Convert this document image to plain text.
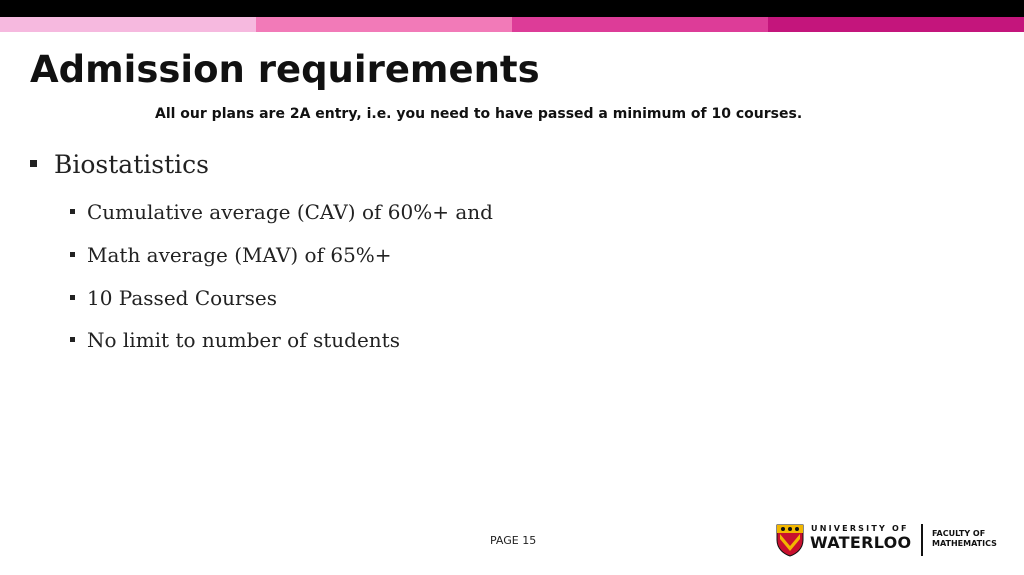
Admission requirements
All our plans are 2A entry, i.e. you need to have passed a minimum of 10 courses.
Biostatistics
Cumulative average (CAV) of 60%+ and
Math average (MAV) of 65%+
10 Passed Courses
No limit to number of students
PAGE 15
UNIVERSITY OF
WATERLOO	FACULTY OF
MATHEMATICS
